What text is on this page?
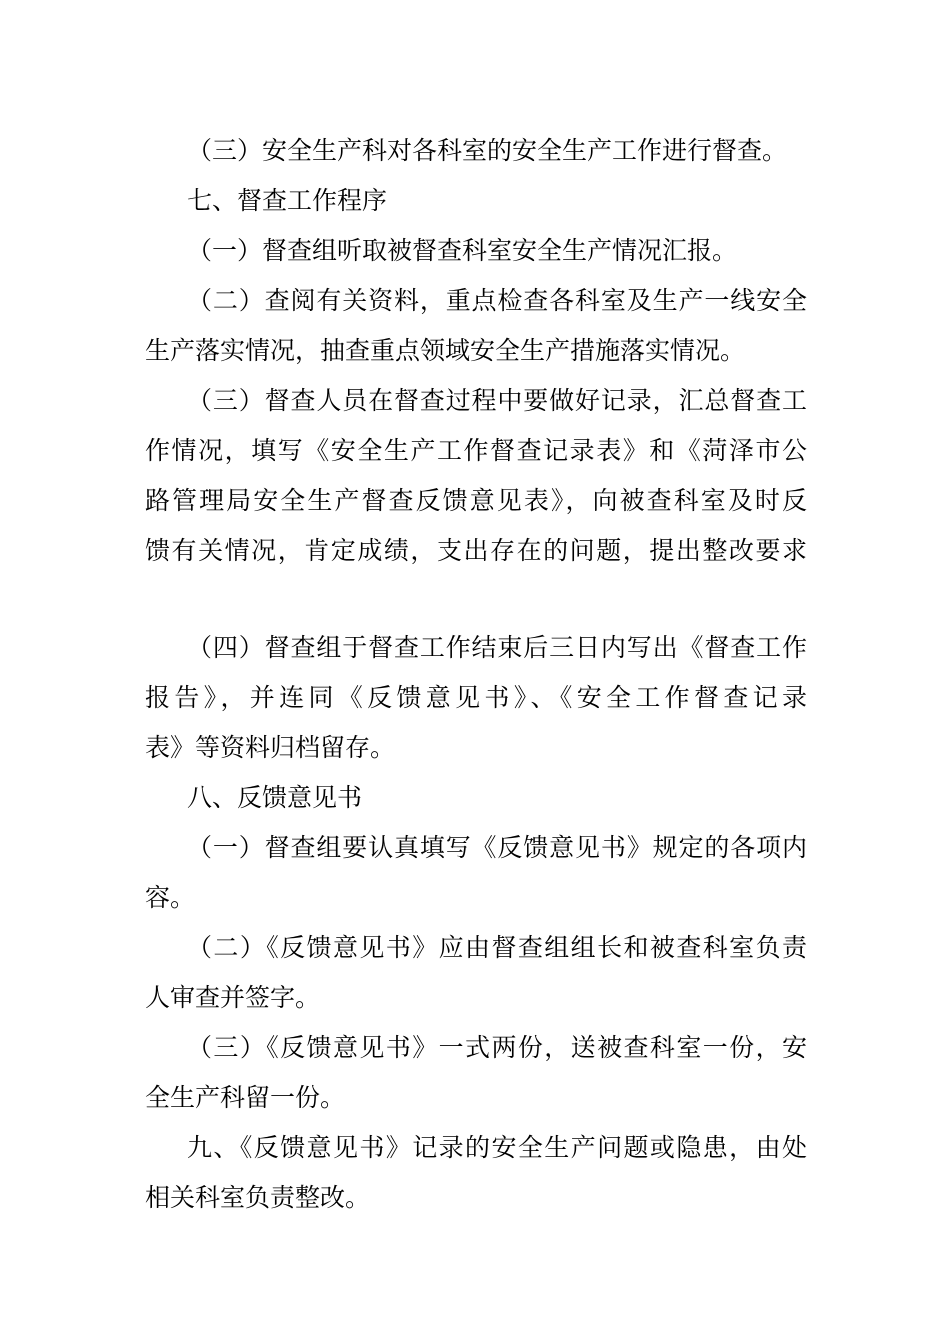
（三）安全生产科对各科室的安全生产工作进行督查。
七、督查工作程序
（一）督查组听取被督查科室安全生产情况汇报。
（二）查阅有关资料，重点检查各科室及生产一线安全
生产落实情况，抽查重点领域安全生产措施落实情况。
（三）督查人员在督查过程中要做好记录，汇总督查工
作情况，填写《安全生产工作督查记录表》和《菏泽市公
路管理局安全生产督查反馈意见表》，向被查科室及时反
馈有关情况，肯定成绩，支出存在的问题，提出整改要求
（四）督查组于督查工作结束后三日内写出《督查工作
报告》，并连同《反馈意见书》、《安全工作督查记录
表》等资料归档留存。
八、反馈意见书
（一）督查组要认真填写《反馈意见书》规定的各项内
容。
（二）《反馈意见书》应由督查组组长和被查科室负责
人审查并签字。
（三）《反馈意见书》一式两份，送被查科室一份，安
全生产科留一份。
九、《反馈意见书》记录的安全生产问题或隐患，由处
相关科室负责整改。
